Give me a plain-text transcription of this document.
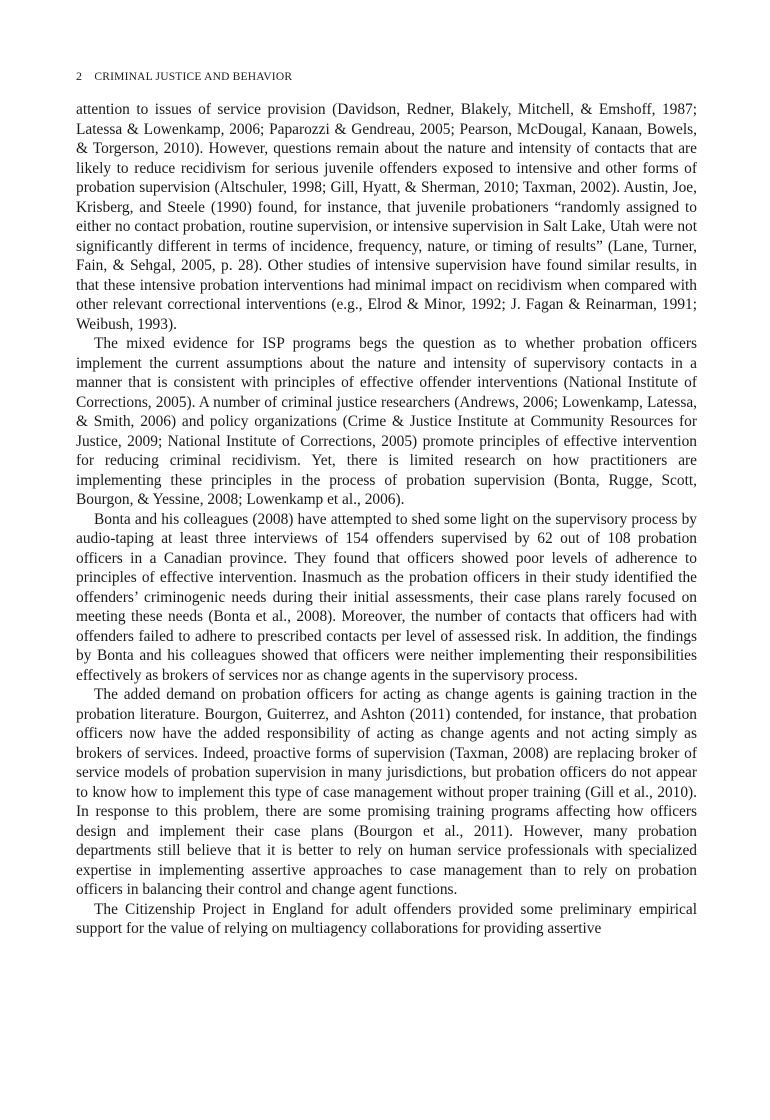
2 CRIMINAL JUSTICE AND BEHAVIOR

attention to issues of service provision (Davidson, Redner, Blakely, Mitchell, & Emshoff, 1987; Latessa & Lowenkamp, 2006; Paparozzi & Gendreau, 2005; Pearson, McDougal, Kanaan, Bowels, & Torgerson, 2010). However, questions remain about the nature and intensity of contacts that are likely to reduce recidivism for serious juvenile offenders exposed to intensive and other forms of probation supervision (Altschuler, 1998; Gill, Hyatt, & Sherman, 2010; Taxman, 2002). Austin, Joe, Krisberg, and Steele (1990) found, for instance, that juvenile probationers “randomly assigned to either no contact probation, routine supervision, or intensive supervision in Salt Lake, Utah were not significantly different in terms of incidence, frequency, nature, or timing of results” (Lane, Turner, Fain, & Sehgal, 2005, p. 28). Other studies of intensive supervision have found similar results, in that these intensive probation interventions had minimal impact on recidivism when compared with other relevant correctional interventions (e.g., Elrod & Minor, 1992; J. Fagan & Reinarman, 1991; Weibush, 1993).

The mixed evidence for ISP programs begs the question as to whether probation officers implement the current assumptions about the nature and intensity of supervisory contacts in a manner that is consistent with principles of effective offender interventions (National Institute of Corrections, 2005). A number of criminal justice researchers (Andrews, 2006; Lowenkamp, Latessa, & Smith, 2006) and policy organizations (Crime & Justice Institute at Community Resources for Justice, 2009; National Institute of Corrections, 2005) promote principles of effective intervention for reducing criminal recidivism. Yet, there is limited research on how practitioners are implementing these principles in the process of probation supervision (Bonta, Rugge, Scott, Bourgon, & Yessine, 2008; Lowenkamp et al., 2006).

Bonta and his colleagues (2008) have attempted to shed some light on the supervisory process by audio-taping at least three interviews of 154 offenders supervised by 62 out of 108 probation officers in a Canadian province. They found that officers showed poor levels of adherence to principles of effective intervention. Inasmuch as the probation officers in their study identified the offenders’ criminogenic needs during their initial assessments, their case plans rarely focused on meeting these needs (Bonta et al., 2008). Moreover, the number of contacts that officers had with offenders failed to adhere to prescribed contacts per level of assessed risk. In addition, the findings by Bonta and his colleagues showed that officers were neither implementing their responsibilities effectively as brokers of services nor as change agents in the supervisory process.

The added demand on probation officers for acting as change agents is gaining traction in the probation literature. Bourgon, Guiterrez, and Ashton (2011) contended, for instance, that probation officers now have the added responsibility of acting as change agents and not acting simply as brokers of services. Indeed, proactive forms of supervision (Taxman, 2008) are replacing broker of service models of probation supervision in many jurisdictions, but probation officers do not appear to know how to implement this type of case management without proper training (Gill et al., 2010). In response to this problem, there are some promising training programs affecting how officers design and implement their case plans (Bourgon et al., 2011). However, many probation departments still believe that it is better to rely on human service professionals with specialized expertise in implementing assertive approaches to case management than to rely on probation officers in balancing their control and change agent functions.

The Citizenship Project in England for adult offenders provided some preliminary empirical support for the value of relying on multiagency collaborations for providing assertive
